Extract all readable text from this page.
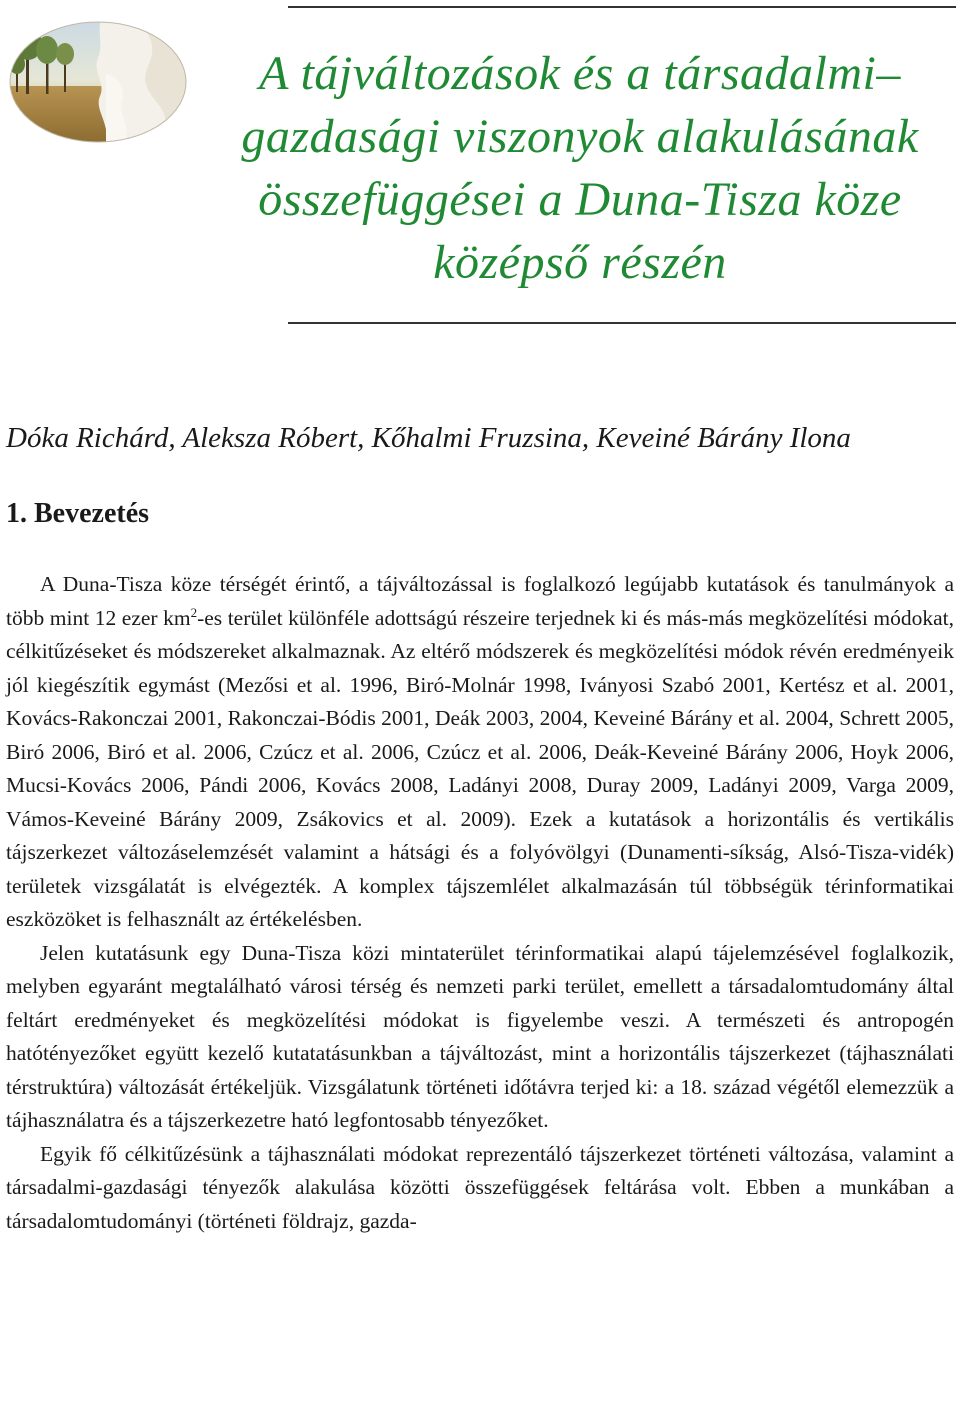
A tájváltozások és a társadalmi–
gazdasági viszonyok alakulásának
összefüggései a Duna-Tisza köze
középső részén

Dóka Richárd, Aleksza Róbert, Kőhalmi Fruzsina, Keveiné Bárány Ilona

1. Bevezetés

A Duna-Tisza köze térségét érintő, a tájváltozással is foglalkozó legújabb kutatások és tanulmányok a több mint 12 ezer $km^2-es$ terület különféle adottságú részeire terjednek ki és más-más megközelítési módokat, célkitűzéseket és módszereket alkalmaznak. Az eltérő módszerek és megközelítési módok révén eredményeik jól kiegészítik egymást (Mezősi et al. 1996, Biró-Molnár 1998, Iványosi Szabó 2001, Kertész et al. 2001, Kovács-Rakonczai 2001, Rakonczai-Bódis 2001, Deák 2003, 2004, Keveiné Bárány et al. 2004, Schrett 2005, Biró 2006, Biró et al. 2006, Czúcz et al. 2006, Czúcz et al. 2006, Deák-Keveiné Bárány 2006, Hoyk 2006, Mucsi-Kovács 2006, Pándi 2006, Kovács 2008, Ladányi 2008, Duray 2009, Ladányi 2009, Varga 2009, Vámos-Keveiné Bárány 2009, Zsákovics et al. 2009). Ezek a kutatások a horizontális és vertikális tájszerkezet változáselemzését valamint a hátsági és a folyóvölgyi (Dunamenti-síkság, Alsó-Tisza-vidék) területek vizsgálatát is elvégezték. A komplex tájszemlélet alkalmazásán túl többségük térinformatikai eszközöket is felhasznált az értékelésben.

Jelen kutatásunk egy Duna-Tisza közi mintaterület térinformatikai alapú tájelemzésével foglalkozik, melyben egyaránt megtalálható városi térség és nemzeti parki terület, emellett a társadalomtudomány által feltárt eredményeket és megközelítési módokat is figyelembe veszi. A természeti és antropogén hatótényezőket együtt kezelő kutatatásunkban a tájváltozást, mint a horizontális tájszerkezet (tájhasználati térstruktúra) változását értékeljük. Vizsgálatunk történeti időtávra terjed ki: a 18. század végétől elemezzük a tájhasználatra és a tájszerkezetre ható legfontosabb tényezőket.

Egyik fő célkitűzésünk a tájhasználati módokat reprezentáló tájszerkezet történeti változása, valamint a társadalmi-gazdasági tényezők alakulása közötti összefüggések feltárása volt. Ebben a munkában a társadalomtudományi (történeti földrajz, gazda-
